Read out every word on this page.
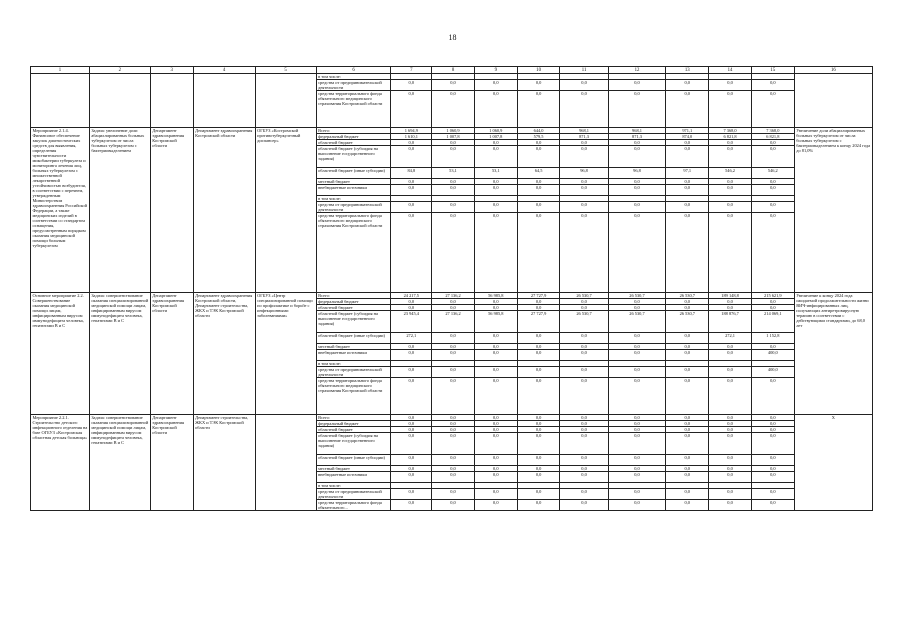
18
1	2	3	4	5	6	7	8	9	10	11	12	13	14	15	16
					в том числе:										
					средства от предпринимательской деятельности	0,0	0,0	0,0	0,0	0,0	0,0	0,0	0,0	0,0	
					средства территориального фонда обязательного медицинского страхования Костромской области	0,0	0,0	0,0	0,0	0,0	0,0	0,0	0,0	0,0	
Мероприятие 2.1.4. Финансовое обеспечение закупок диагностических средств для выявления, определения чувствительности микобактерии туберкулеза и мониторинга лечения лиц, больных туберкулезом с множественной лекарственной устойчивостью возбудителя, в соответствии с перечнем, утвержденным Министерством здравоохранения Российской Федерации, а также медицинских изделий в соответствии со стандартом оснащения, предусмотренным порядком оказания медицинской помощи больным туберкулезом	Задача: увеличение доли абациллированных больных туберкулезом от числа больных туберкулезом с бактериовыделением	Департамент здравоохранения Костромской области	Департамент здравоохранения Костромской области	ОГБУЗ «Костромской противотуберкулезный диспансер»	Всего:	1 694,9	1 060,9	1 060,9	644,0	968,1	968,1	971,1	7 368,0	7 368,0	Увеличение доли абациллированных больных туберкулезом от числа больных туберкулезом с бактериовыделением к концу 2024 года до 81,0%
					федеральный бюджет	1 610,1	1 007,8	1 007,8	579,5	871,3	871,3	874,0	6 821,8	6 821,8	
					областной бюджет	0,0	0,0	0,0	0,0	0,0	0,0	0,0	0,0	0,0	
					областной бюджет (субсидия на выполнение государственного задания)	0,0	0,0	0,0	0,0	0,0	0,0	0,0	0,0	0,0	
					областной бюджет (иные субсидии)	84,8	53,1	53,1	64,5	96,8	96,8	97,1	546,2	546,2	
					местный бюджет	0,0	0,0	0,0	0,0	0,0	0,0	0,0	0,0	0,0	
					внебюджетные источники	0,0	0,0	0,0	0,0	0,0	0,0	0,0	0,0	0,0	
					в том числе:										
					средства от предпринимательской деятельности	0,0	0,0	0,0	0,0	0,0	0,0	0,0	0,0	0,0	
					средства территориального фонда обязательного медицинского страхования Костромской области	0,0	0,0	0,0	0,0	0,0	0,0	0,0	0,0	0,0	
Основное мероприятие 2.2. Совершенствование оказания медицинской помощи лицам, инфицированным вирусом иммунодефицита человека, гепатитами В и С	Задача: совершенствование оказания специализированной медицинской помощи лицам, инфицированным вирусом иммунодефицита человека, гепатитами В и С	Департамент здравоохранения Костромской области	Департамент здравоохранения Костромской области, Департамент строительства, ЖКХ и ТЭК Костромской области	ОГБУЗ «Центр специализированной помощи по профилактике и борьбе с инфекционными заболеваниями»	Всего:	24 217,5	27 136,2	56 985,8	27 727,9	26 530,7	26 530,7	26 530,7	189 148,8	215 621,9	Увеличение к концу 2024 года ожидаемой продолжительности жизни ВИЧ-инфицированных лиц, получающих антиретровирусную терапию в соответствии с действующими стандартами, до 68,0 лет
					федеральный бюджет	0,0	0,0	0,0	0,0	0,0	0,0	0,0	0,0	0,0	
					областной бюджет	0,0	0,0	0,0	0,0	0,0	0,0	0,0	0,0	0,0	
					областной бюджет (субсидия на выполнение государственного задания)	23 945,4	27 136,2	56 985,8	27 727,9	26 530,7	26 530,7	26 530,7	188 876,7	214 069,1	
					областной бюджет (иные субсидии)	272,1	0,0	0,0	0,0	0,0	0,0	0,0	272,1	1 152,8	
					местный бюджет	0,0	0,0	0,0	0,0	0,0	0,0	0,0	0,0	0,0	
					внебюджетные источники	0,0	0,0	0,0	0,0	0,0	0,0	0,0	0,0	400,0	
					в том числе:										
					средства от предпринимательской деятельности	0,0	0,0	0,0	0,0	0,0	0,0	0,0	0,0	400,0	
					средства территориального фонда обязательного медицинского страхования Костромской области	0,0	0,0	0,0	0,0	0,0	0,0	0,0	0,0	0,0	
Мероприятие 2.2.1. Строительство детского инфекционного отделения на базе ОГБУЗ «Костромская областная детская больница»	Задача: совершенствование оказания специализированной медицинской помощи лицам, инфицированным вирусом иммунодефицита человека, гепатитами В и С	Департамент здравоохранения Костромской области	Департамент строительства, ЖКХ и ТЭК Костромской области		Всего:	0,0	0,0	0,0	0,0	0,0	0,0	0,0	0,0	0,0	X
					федеральный бюджет	0,0	0,0	0,0	0,0	0,0	0,0	0,0	0,0	0,0	
					областной бюджет	0,0	0,0	0,0	0,0	0,0	0,0	0,0	0,0	0,0	
					областной бюджет (субсидия на выполнение государственного задания)	0,0	0,0	0,0	0,0	0,0	0,0	0,0	0,0	0,0	
					областной бюджет (иные субсидии)	0,0	0,0	0,0	0,0	0,0	0,0	0,0	0,0	0,0	
					местный бюджет	0,0	0,0	0,0	0,0	0,0	0,0	0,0	0,0	0,0	
					внебюджетные источники	0,0	0,0	0,0	0,0	0,0	0,0	0,0	0,0	0,0	
					в том числе:										
					средства от предпринимательской деятельности	0,0	0,0	0,0	0,0	0,0	0,0	0,0	0,0	0,0	
					средства территориального фонда обязательного...	0,0	0,0	0,0	0,0	0,0	0,0	0,0	0,0	0,0	
